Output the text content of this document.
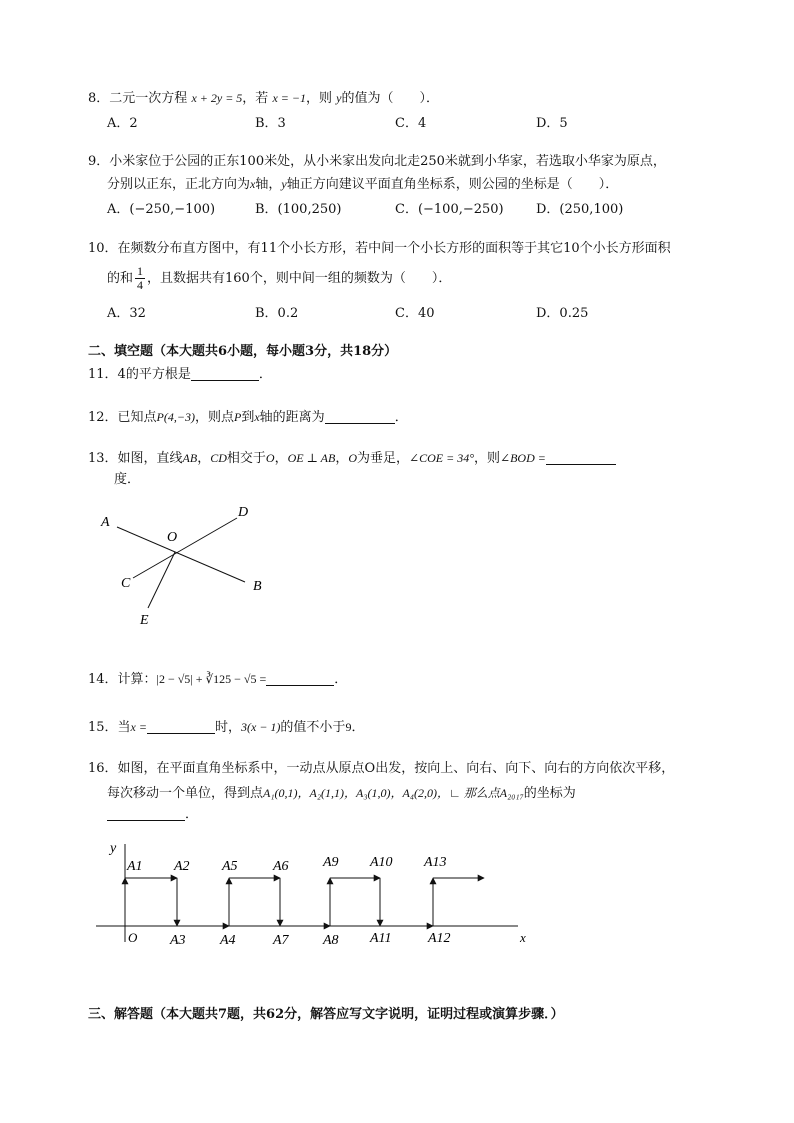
8．二元一次方程 x + 2y = 5，若 x = −1，则 y的值为（　　）．
A．2	B．3	C．4	D．5
9．小米家位于公园的正东100米处，从小米家出发向北走250米就到小华家，若选取小华家为原点，
分别以正东，正北方向为x轴，y轴正方向建议平面直角坐标系，则公园的坐标是（　　）．
A．(−250,−100)	B．(100,250)	C．(−100,−250) D．(250,100)
10．在频数分布直方图中，有11个小长方形，若中间一个小长方形的面积等于其它10个小长方形面积
的和 $\frac{1}{4}$ ，且数据共有160个，则中间一组的频数为（　　）．
A．32	B．0.2	C．40	D．0.25
二、填空题（本大题共6小题，每小题3分，共18分）
11．4的平方根是	．
12．已知点P(4,−3)，则点P到x轴的距离为	．
13．如图，直线AB，CD相交于O，OE ⊥ AB，O为垂足，∠COE = 34°，则∠BOD =
度．
A
D
O
C	B
E
14．计算：|2 − √5| + ∛125 − √5 =	．
15．当x =	时，3(x − 1)的值不小于9．
16．如图，在平面直角坐标系中，一动点从原点O出发，按向上、向右、向下、向右的方向依次平移，
每次移动一个单位，得到点A₁(0,1)，A₂(1,1)，A₃(1,0)，A₄(2,0)，∟ 那么点A₂₀₁₇的坐标为
．
y
x
O
A1 A2 A5	A6 A9 A10 A13
A3 A4	A7 A8 A11	A12
三、解答题（本大题共7题，共62分，解答应写文字说明，证明过程或演算步骤．）
